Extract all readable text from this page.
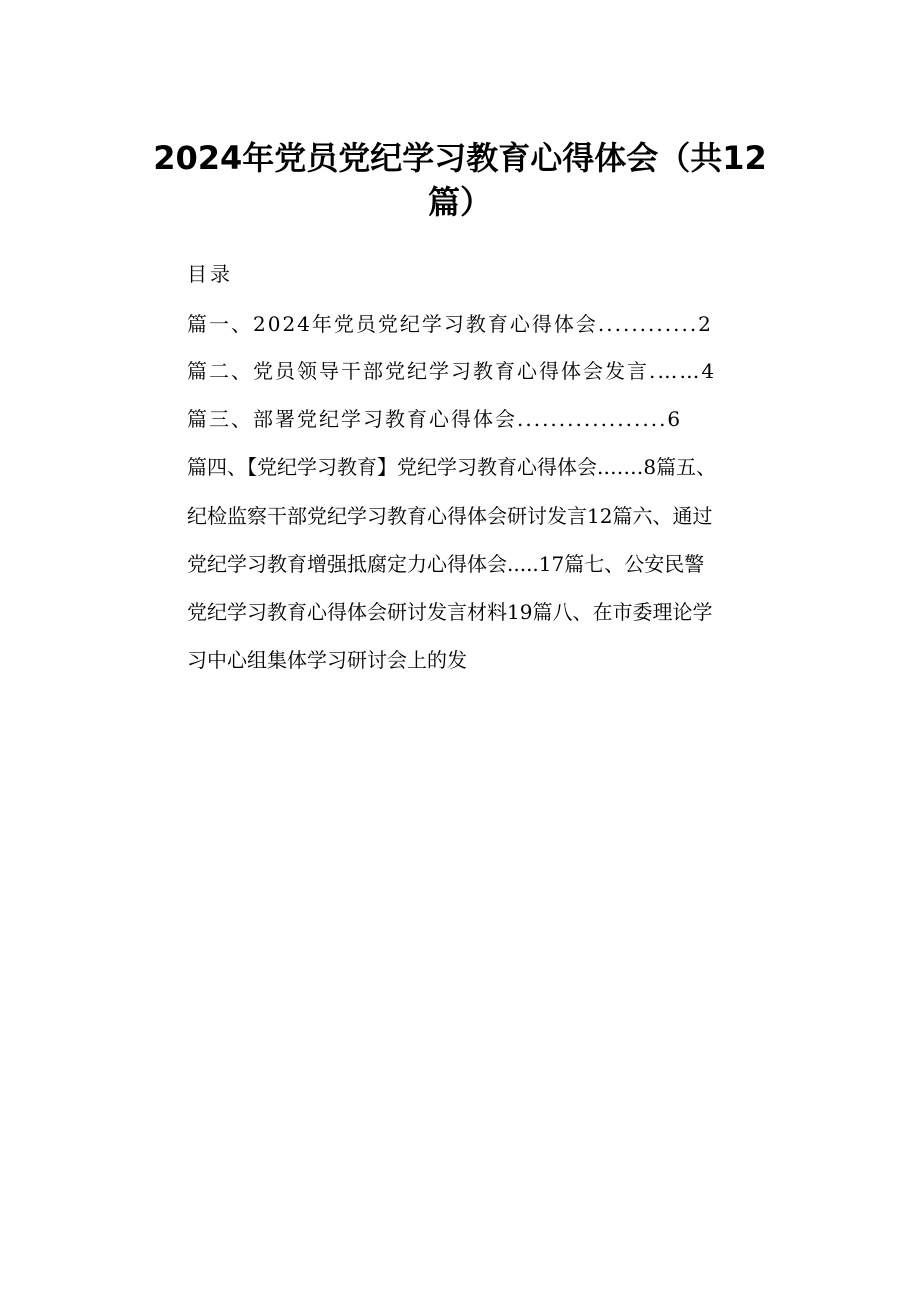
2024年党员党纪学习教育心得体会（共12
篇）
目录
篇一、2024年党员党纪学习教育心得体会............2
篇二、党员领导干部党纪学习教育心得体会发言.……4
篇三、部署党纪学习教育心得体会..................6
篇四、【党纪学习教育】党纪学习教育心得体会.……8篇五、
纪检监察干部党纪学习教育心得体会研讨发言12篇六、通过
党纪学习教育增强抵腐定力心得体会.....17篇七、公安民警
党纪学习教育心得体会研讨发言材料19篇八、在市委理论学
习中心组集体学习研讨会上的发
